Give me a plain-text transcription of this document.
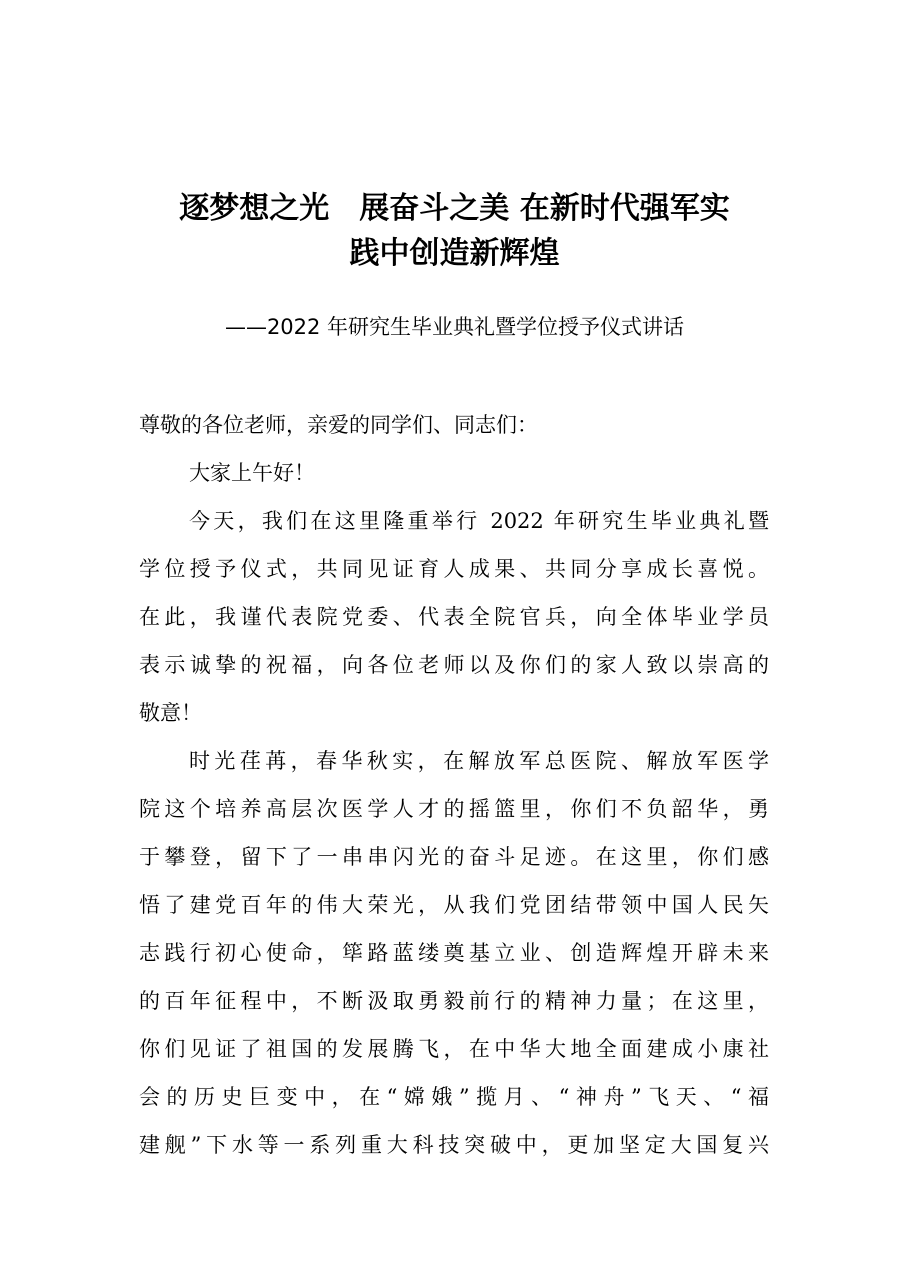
逐梦想之光　展奋斗之美 在新时代强军实
践中创造新辉煌
——2022 年研究生毕业典礼暨学位授予仪式讲话
尊敬的各位老师，亲爱的同学们、同志们：
大家上午好！
今天，我们在这里隆重举行 2022 年研究生毕业典礼暨
学位授予仪式，共同见证育人成果、共同分享成长喜悦。
在此，我谨代表院党委、代表全院官兵，向全体毕业学员
表示诚挚的祝福，向各位老师以及你们的家人致以崇高的
敬意！
时光荏苒，春华秋实，在解放军总医院、解放军医学
院这个培养高层次医学人才的摇篮里，你们不负韶华，勇
于攀登，留下了一串串闪光的奋斗足迹。在这里，你们感
悟了建党百年的伟大荣光，从我们党团结带领中国人民矢
志践行初心使命，筚路蓝缕奠基立业、创造辉煌开辟未来
的百年征程中，不断汲取勇毅前行的精神力量；在这里，
你们见证了祖国的发展腾飞，在中华大地全面建成小康社
会的历史巨变中，在“嫦娥”揽月、“神舟”飞天、“福
建舰”下水等一系列重大科技突破中，更加坚定大国复兴
